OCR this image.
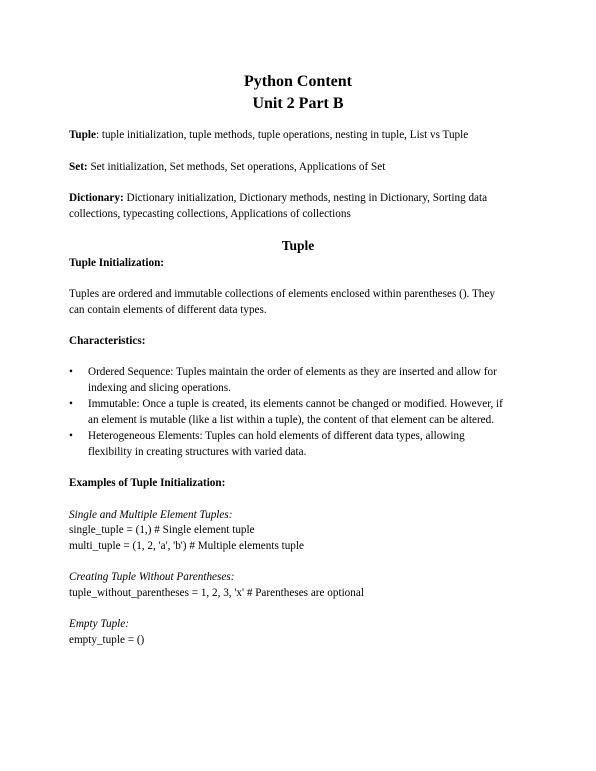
Python Content
Unit 2 Part B
Tuple: tuple initialization, tuple methods, tuple operations, nesting in tuple, List vs Tuple
Set: Set initialization, Set methods, Set operations, Applications of Set
Dictionary: Dictionary initialization, Dictionary methods, nesting in Dictionary, Sorting data
collections, typecasting collections, Applications of collections
Tuple
Tuple Initialization:
Tuples are ordered and immutable collections of elements enclosed within parentheses (). They
can contain elements of different data types.
Characteristics:
• Ordered Sequence: Tuples maintain the order of elements as they are inserted and allow for
indexing and slicing operations.
• Immutable: Once a tuple is created, its elements cannot be changed or modified. However, if
an element is mutable (like a list within a tuple), the content of that element can be altered.
• Heterogeneous Elements: Tuples can hold elements of different data types, allowing
flexibility in creating structures with varied data.
Examples of Tuple Initialization:
Single and Multiple Element Tuples:
single_tuple = (1,) # Single element tuple
multi_tuple = (1, 2, 'a', 'b') # Multiple elements tuple
Creating Tuple Without Parentheses:
tuple_without_parentheses = 1, 2, 3, 'x' # Parentheses are optional
Empty Tuple:
empty_tuple = ()
